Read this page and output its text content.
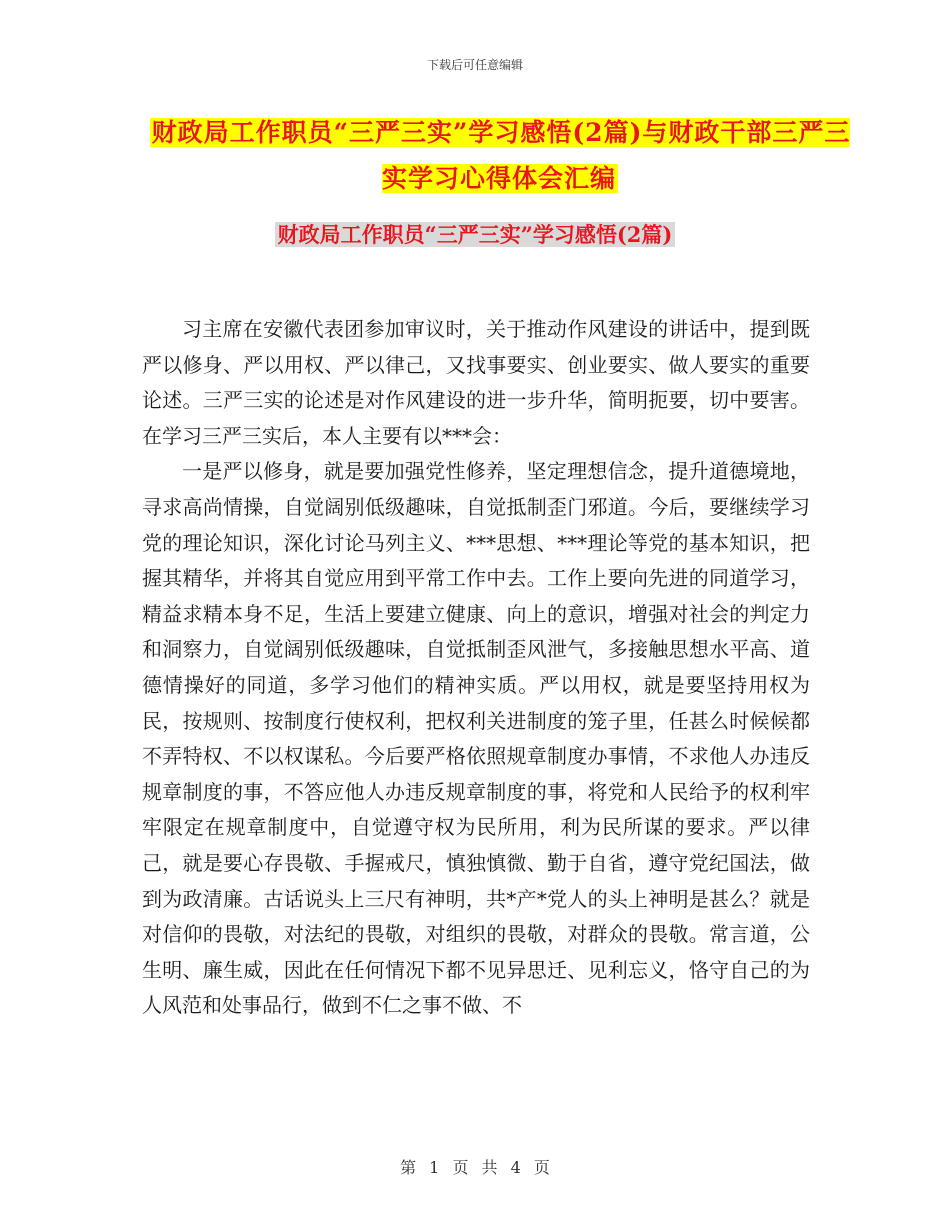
下载后可任意编辑
财政局工作职员“三严三实”学习感悟(2篇)与财政干部三严三实学习心得体会汇编
财政局工作职员“三严三实”学习感悟(2篇)

习主席在安徽代表团参加审议时，关于推动作风建设的讲话中，提到既严以修身、严以用权、严以律己，又找事要实、创业要实、做人要实的重要论述。三严三实的论述是对作风建设的进一步升华，简明扼要，切中要害。在学习三严三实后，本人主要有以***会：

一是严以修身，就是要加强党性修养，坚定理想信念，提升道德境地，寻求高尚情操，自觉阔别低级趣味，自觉抵制歪门邪道。今后，要继续学习党的理论知识，深化讨论马列主义、***思想、***理论等党的基本知识，把握其精华，并将其自觉应用到平常工作中去。工作上要向先进的同道学习，精益求精本身不足，生活上要建立健康、向上的意识，增强对社会的判定力和洞察力，自觉阔别低级趣味，自觉抵制歪风泄气，多接触思想水平高、道德情操好的同道，多学习他们的精神实质。严以用权，就是要坚持用权为民，按规则、按制度行使权利，把权利关进制度的笼子里，任甚么时候候都不弄特权、不以权谋私。今后要严格依照规章制度办事情，不求他人办违反规章制度的事，不答应他人办违反规章制度的事，将党和人民给予的权利牢牢限定在规章制度中，自觉遵守权为民所用，利为民所谋的要求。严以律己，就是要心存畏敬、手握戒尺，慎独慎微、勤于自省，遵守党纪国法，做到为政清廉。古话说头上三尺有神明，共*产*党人的头上神明是甚么？就是对信仰的畏敬，对法纪的畏敬，对组织的畏敬，对群众的畏敬。常言道，公生明、廉生威，因此在任何情况下都不见异思迁、见利忘义，恪守自己的为人风范和处事品行，做到不仁之事不做、不

第 1 页 共 4 页
